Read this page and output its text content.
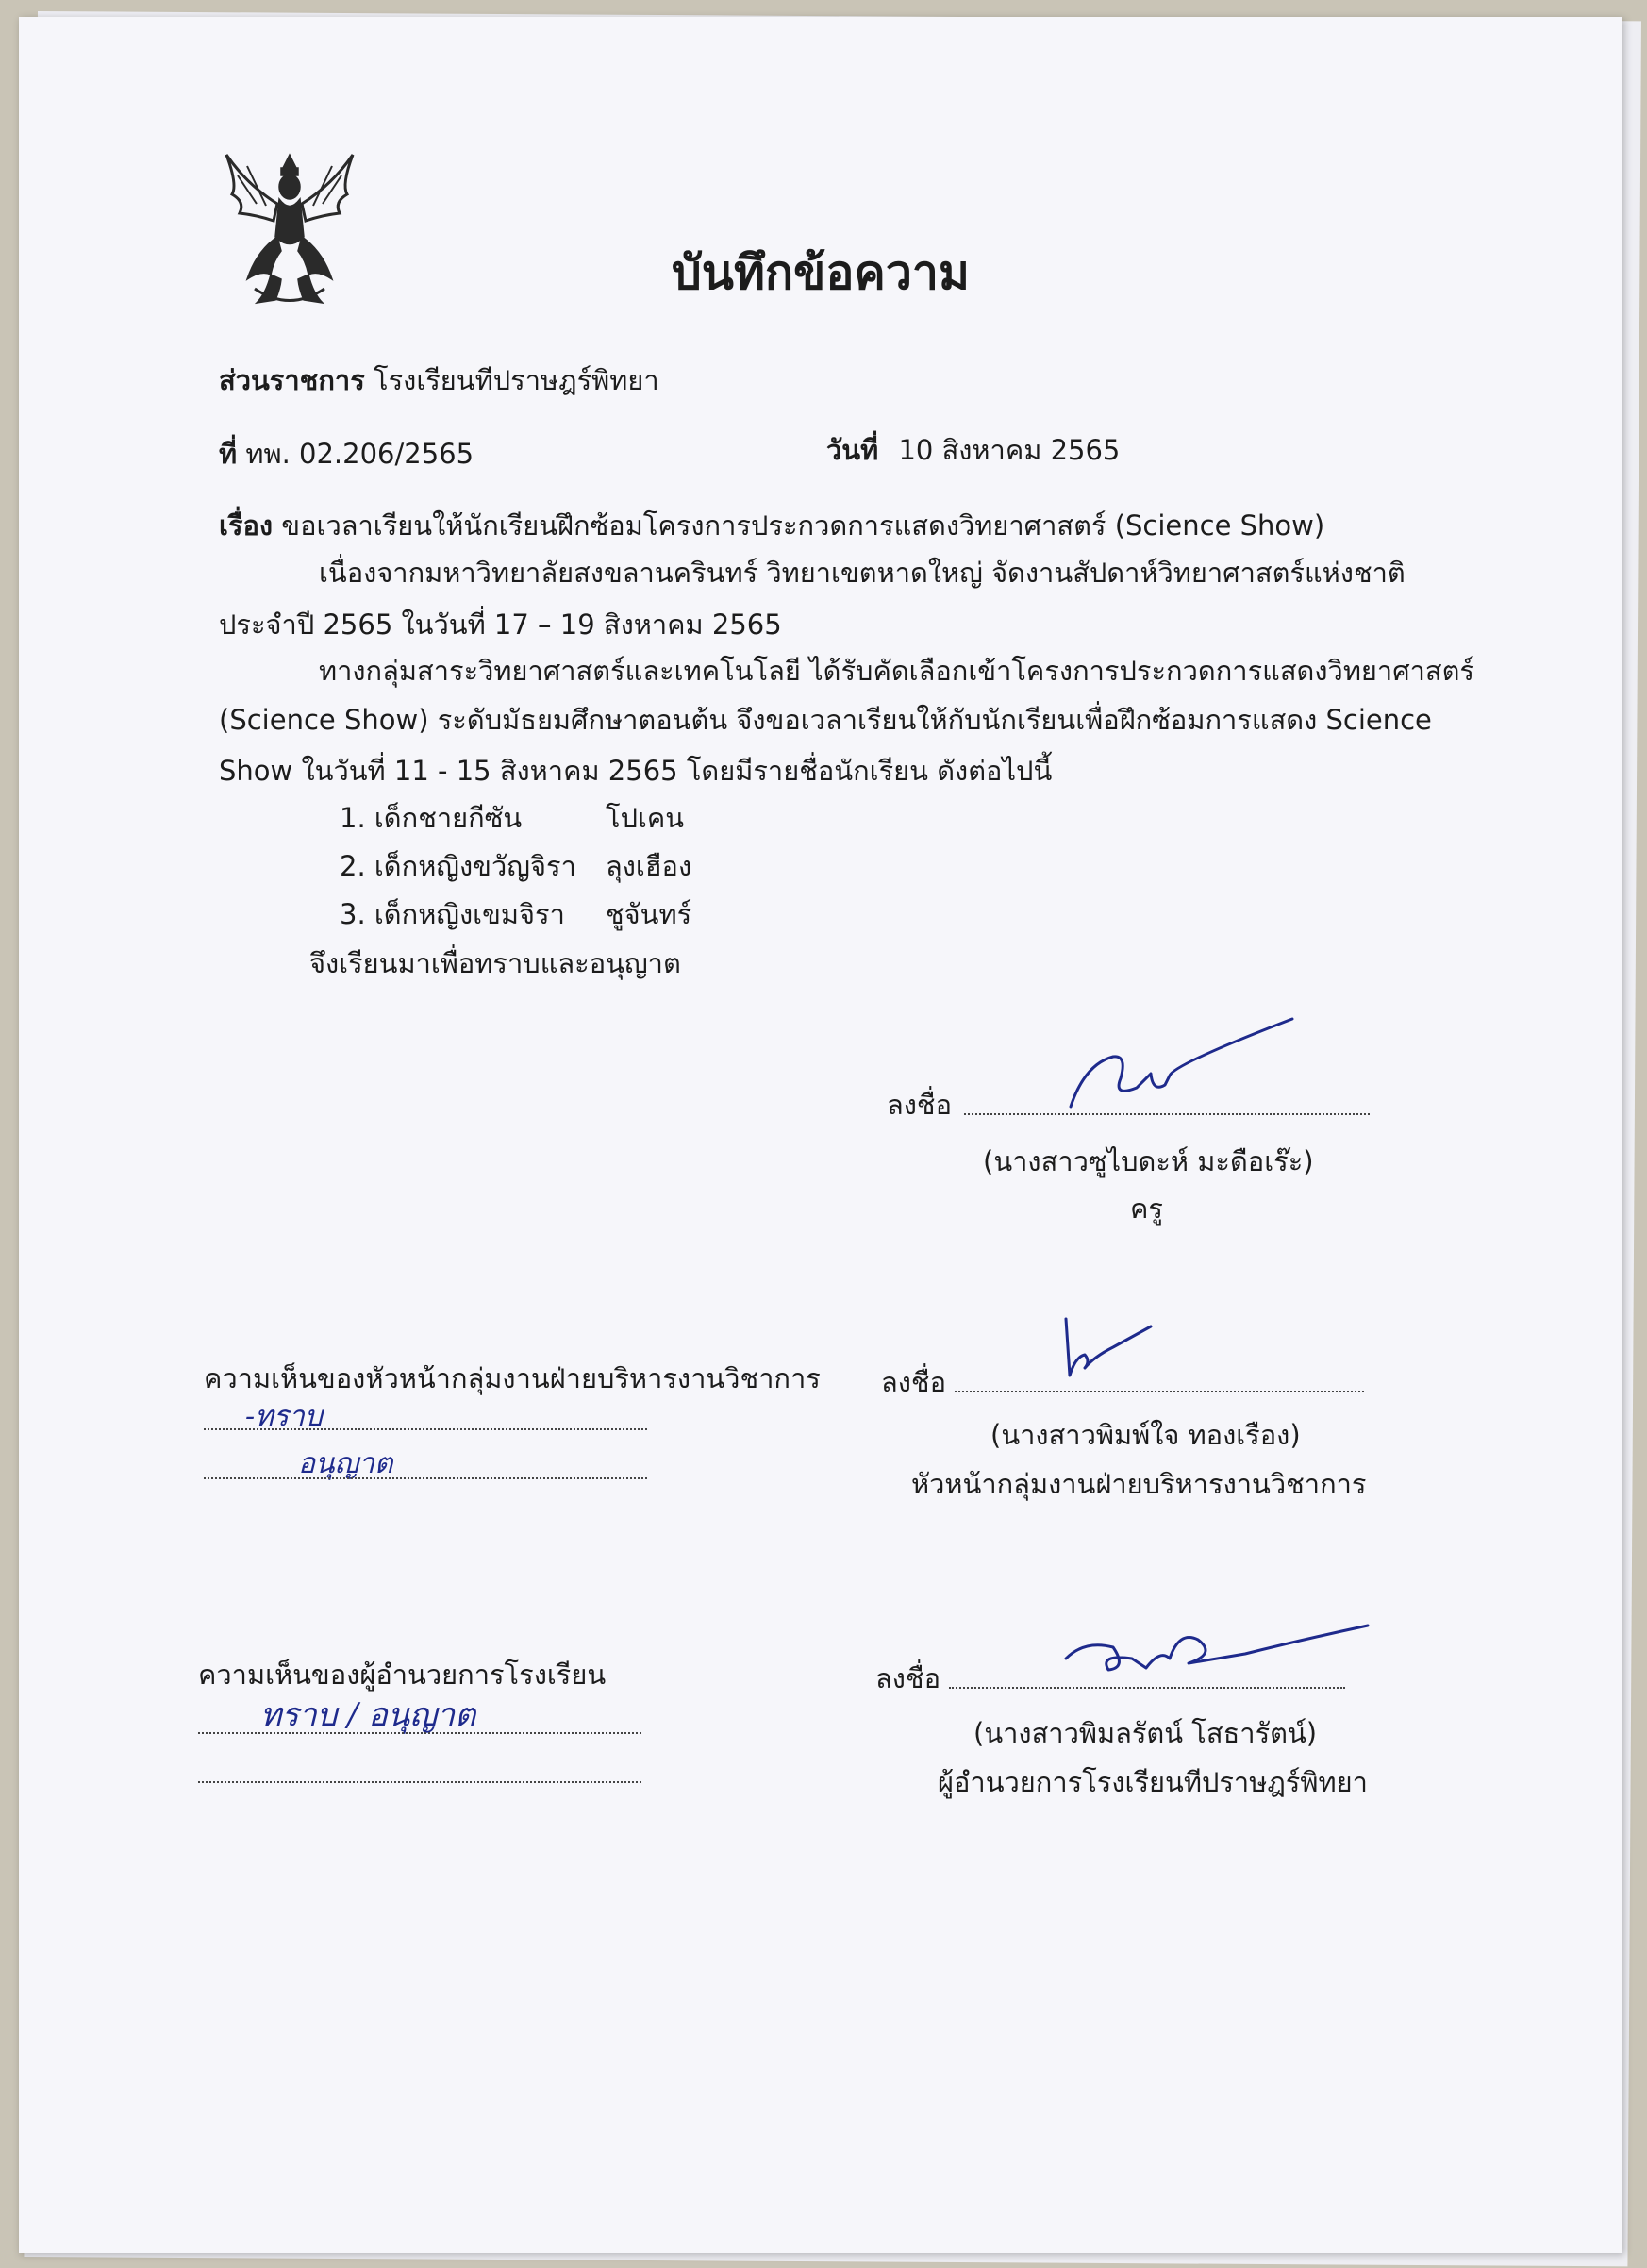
บันทึกข้อความ
ส่วนราชการ โรงเรียนทีปราษฎร์พิทยา
ที่ ทพ. 02.206/2565	วันที่ 10 สิงหาคม 2565
เรื่อง ขอเวลาเรียนให้นักเรียนฝึกซ้อมโครงการประกวดการแสดงวิทยาศาสตร์ (Science Show)
เนื่องจากมหาวิทยาลัยสงขลานครินทร์ วิทยาเขตหาดใหญ่ จัดงานสัปดาห์วิทยาศาสตร์แห่งชาติ
ประจำปี 2565 ในวันที่ 17 – 19 สิงหาคม 2565
ทางกลุ่มสาระวิทยาศาสตร์และเทคโนโลยี ได้รับคัดเลือกเข้าโครงการประกวดการแสดงวิทยาศาสตร์
(Science Show) ระดับมัธยมศึกษาตอนต้น จึงขอเวลาเรียนให้กับนักเรียนเพื่อฝึกซ้อมการแสดง Science
Show ในวันที่ 11 - 15 สิงหาคม 2565 โดยมีรายชื่อนักเรียน ดังต่อไปนี้
1. เด็กชายกีซัน	โปเคน
2. เด็กหญิงขวัญจิรา ลุงเฮือง
3. เด็กหญิงเขมจิรา ชูจันทร์
จึงเรียนมาเพื่อทราบและอนุญาต
ลงชื่อ
(นางสาวซูไบดะห์ มะดือเร๊ะ)
ครู
ความเห็นของหัวหน้ากลุ่มงานฝ่ายบริหารงานวิชาการ
-ทราบ
อนุญาต
ลงชื่อ
(นางสาวพิมพ์ใจ ทองเรือง)
หัวหน้ากลุ่มงานฝ่ายบริหารงานวิชาการ
ความเห็นของผู้อำนวยการโรงเรียน
ทราบ / อนุญาต
ลงชื่อ
(นางสาวพิมลรัตน์ โสธารัตน์)
ผู้อำนวยการโรงเรียนทีปราษฎร์พิทยา
